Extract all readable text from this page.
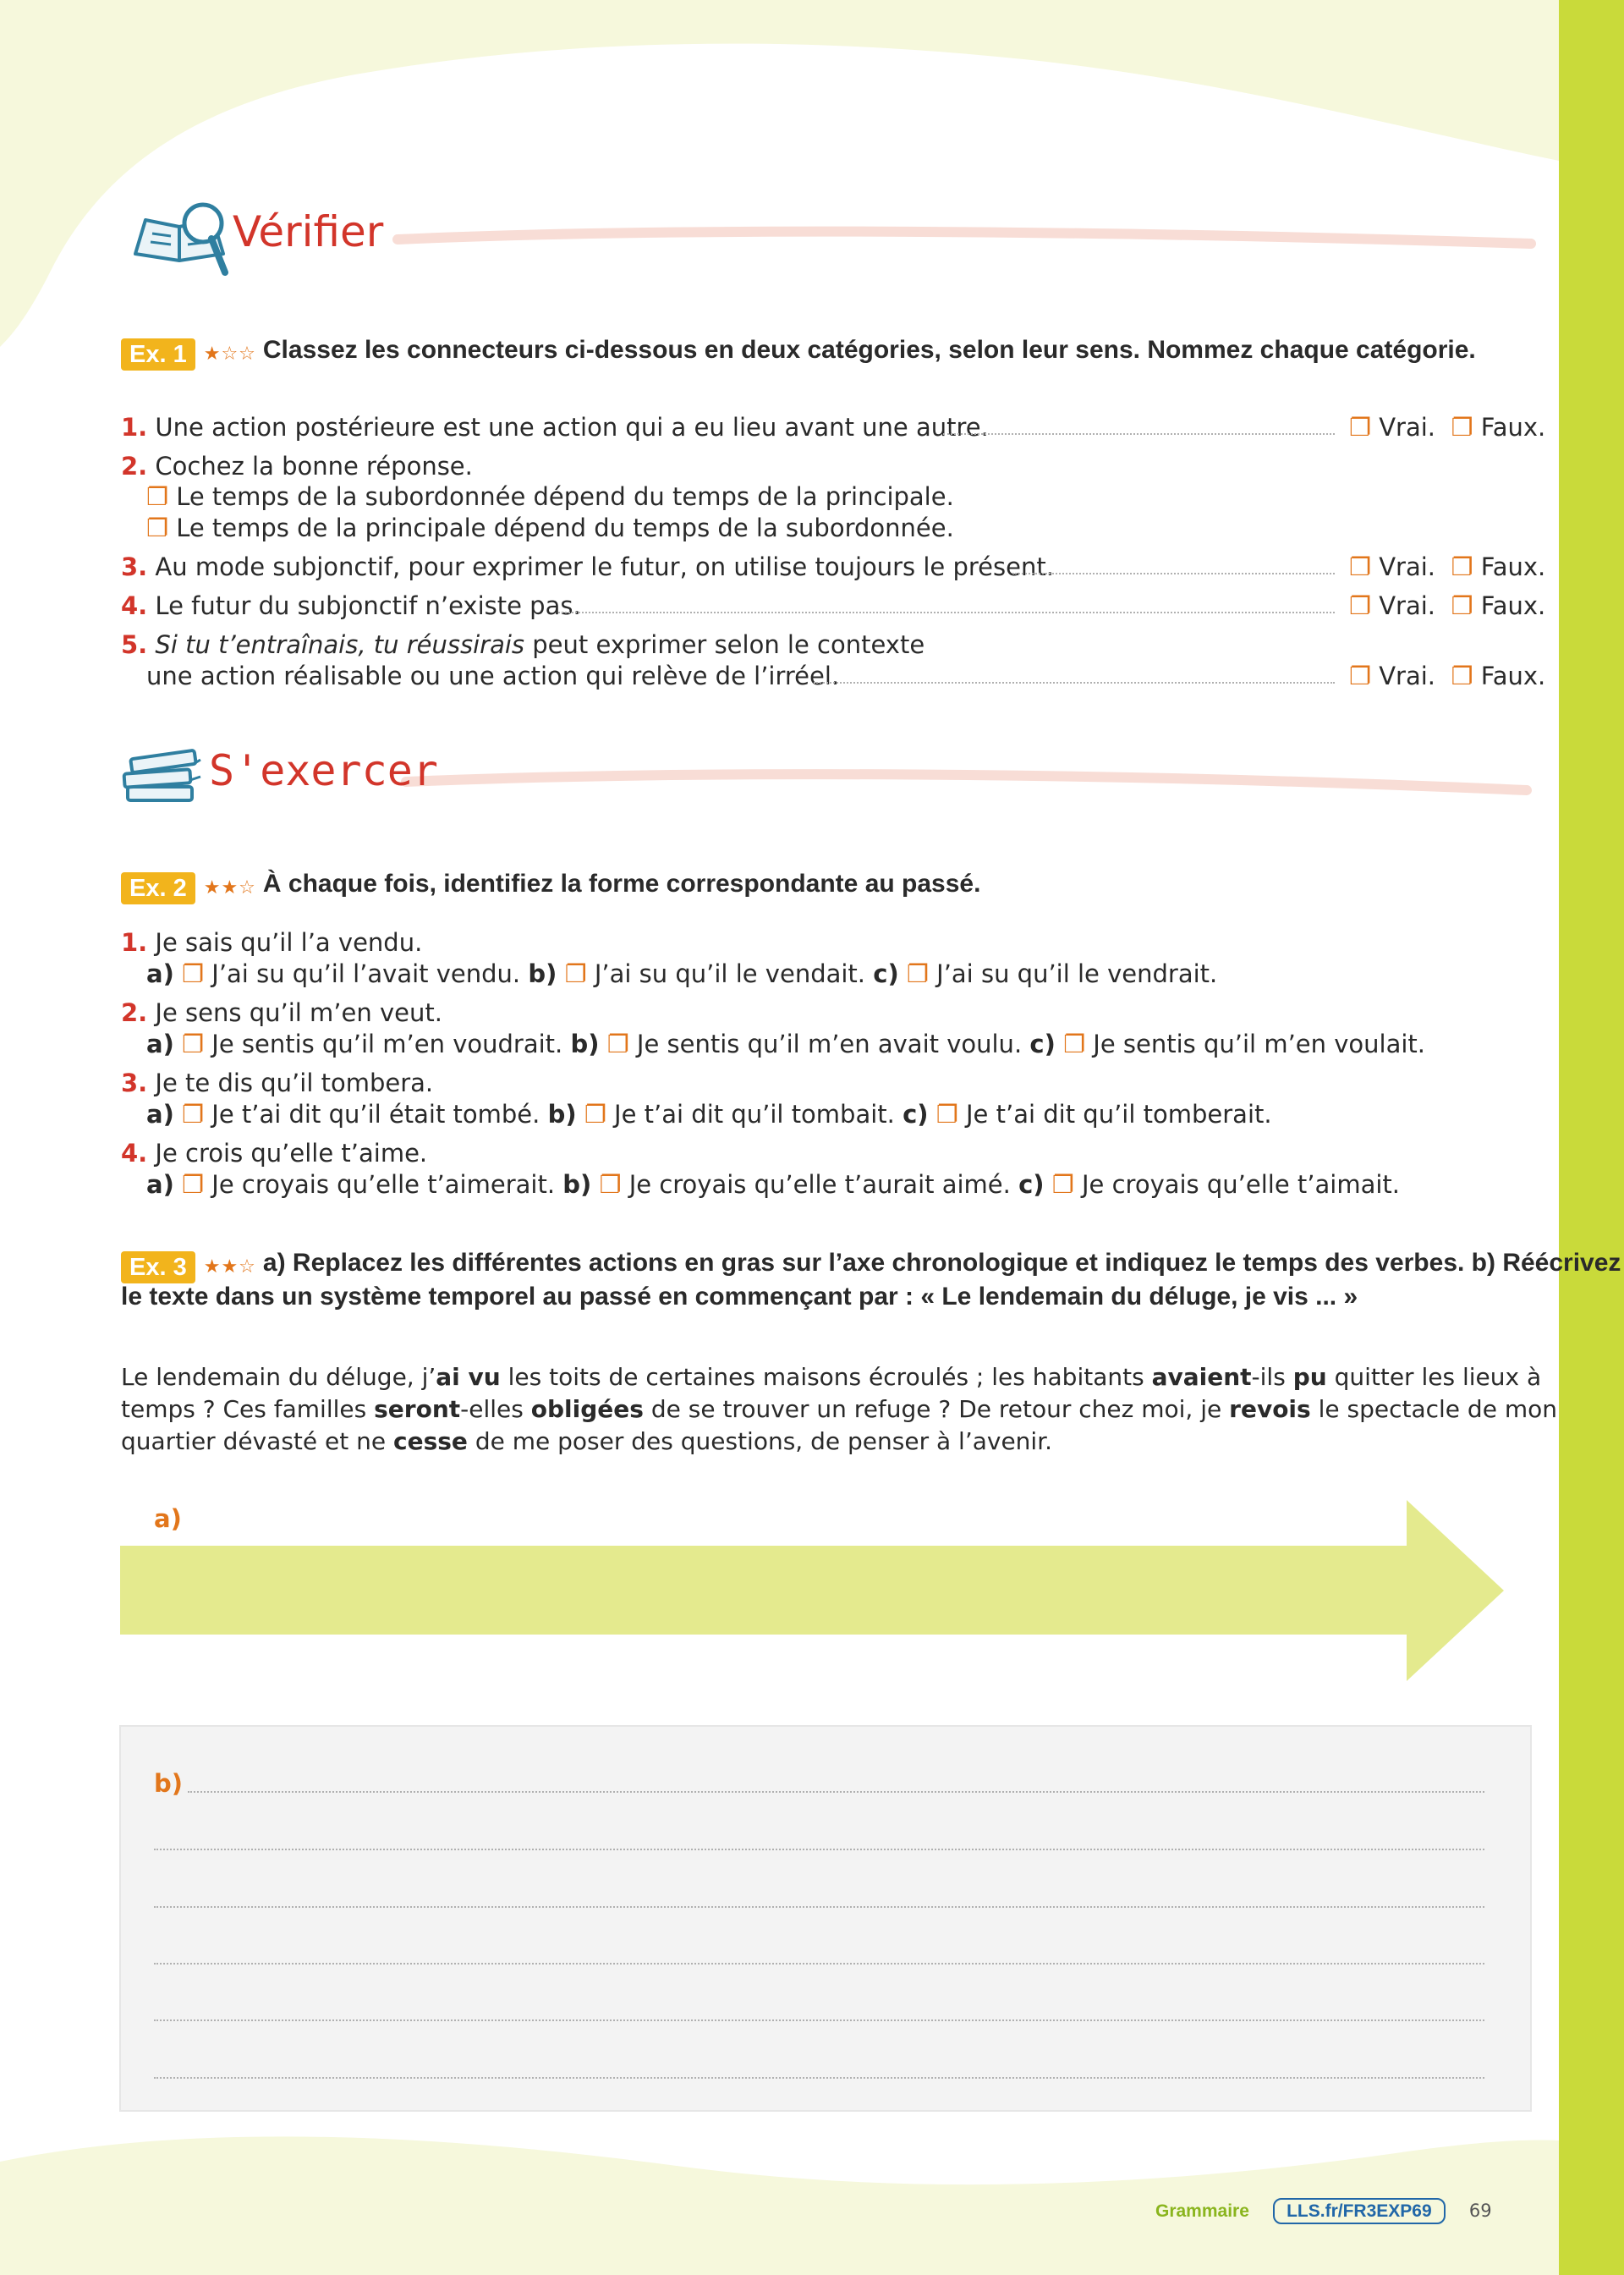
Vérifier
Ex. 1 ★☆☆ Classez les connecteurs ci-dessous en deux catégories, selon leur sens. Nommez chaque catégorie.
1. Une action postérieure est une action qui a eu lieu avant une autre.	❐ Vrai. ❐ Faux.
2. Cochez la bonne réponse.
❐ Le temps de la subordonnée dépend du temps de la principale.
❐ Le temps de la principale dépend du temps de la subordonnée.
3. Au mode subjonctif, pour exprimer le futur, on utilise toujours le présent.	❐ Vrai. ❐ Faux.
4. Le futur du subjonctif n’existe pas.	❐ Vrai. ❐ Faux.
5. Si tu t’entraînais, tu réussirais peut exprimer selon le contexte
une action réalisable ou une action qui relève de l’irréel.	❐ Vrai. ❐ Faux.
S'exercer
Ex. 2 ★★☆ À chaque fois, identifiez la forme correspondante au passé.
1. Je sais qu’il l’a vendu.
a) ❐ J’ai su qu’il l’avait vendu. b) ❐ J’ai su qu’il le vendait. c) ❐ J’ai su qu’il le vendrait.
2. Je sens qu’il m’en veut.
a) ❐ Je sentis qu’il m’en voudrait. b) ❐ Je sentis qu’il m’en avait voulu. c) ❐ Je sentis qu’il m’en voulait.
3. Je te dis qu’il tombera.
a) ❐ Je t’ai dit qu’il était tombé. b) ❐ Je t’ai dit qu’il tombait. c) ❐ Je t’ai dit qu’il tomberait.
4. Je crois qu’elle t’aime.
a) ❐ Je croyais qu’elle t’aimerait. b) ❐ Je croyais qu’elle t’aurait aimé. c) ❐ Je croyais qu’elle t’aimait.
Ex. 3 ★★☆ a) Replacez les différentes actions en gras sur l’axe chronologique et indiquez le temps des verbes. b) Réécrivez
le texte dans un système temporel au passé en commençant par : « Le lendemain du déluge, je vis ... »
Le lendemain du déluge, j’ai vu les toits de certaines maisons écroulés ; les habitants avaient-ils pu quitter les lieux à
temps ? Ces familles seront-elles obligées de se trouver un refuge ? De retour chez moi, je revois le spectacle de mon
quartier dévasté et ne cesse de me poser des questions, de penser à l’avenir.
a)
b)
Grammaire LLS.fr/FR3EXP69 69
